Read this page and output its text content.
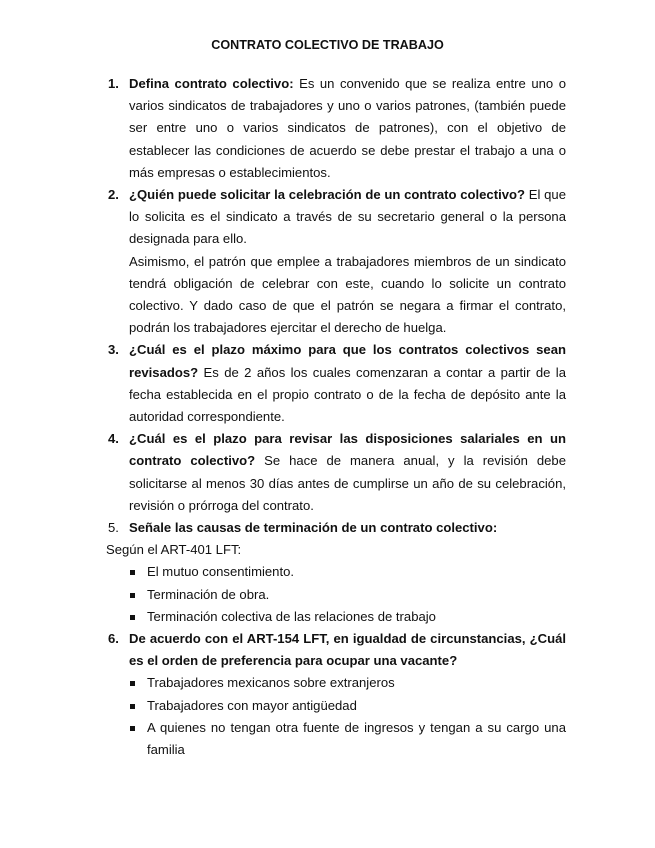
CONTRATO COLECTIVO DE TRABAJO
1. Defina contrato colectivo: Es un convenido que se realiza entre uno o varios sindicatos de trabajadores y uno o varios patrones, (también puede ser entre uno o varios sindicatos de patrones), con el objetivo de establecer las condiciones de acuerdo se debe prestar el trabajo a una o más empresas o establecimientos.

2. ¿Quién puede solicitar la celebración de un contrato colectivo? El que lo solicita es el sindicato a través de su secretario general o la persona designada para ello.

Asimismo, el patrón que emplee a trabajadores miembros de un sindicato tendrá obligación de celebrar con este, cuando lo solicite un contrato colectivo. Y dado caso de que el patrón se negara a firmar el contrato, podrán los trabajadores ejercitar el derecho de huelga.

3. ¿Cuál es el plazo máximo para que los contratos colectivos sean revisados? Es de 2 años los cuales comenzaran a contar a partir de la fecha establecida en el propio contrato o de la fecha de depósito ante la autoridad correspondiente.

4. ¿Cuál es el plazo para revisar las disposiciones salariales en un contrato colectivo? Se hace de manera anual, y la revisión debe solicitarse al menos 30 días antes de cumplirse un año de su celebración, revisión o prórroga del contrato.

5. Señale las causas de terminación de un contrato colectivo:

Según el ART-401 LFT:
El mutuo consentimiento.
Terminación de obra.
Terminación colectiva de las relaciones de trabajo
6. De acuerdo con el ART-154 LFT, en igualdad de circunstancias, ¿Cuál es el orden de preferencia para ocupar una vacante?

Trabajadores mexicanos sobre extranjeros
Trabajadores con mayor antigüedad
A quienes no tengan otra fuente de ingresos y tengan a su cargo una familia
